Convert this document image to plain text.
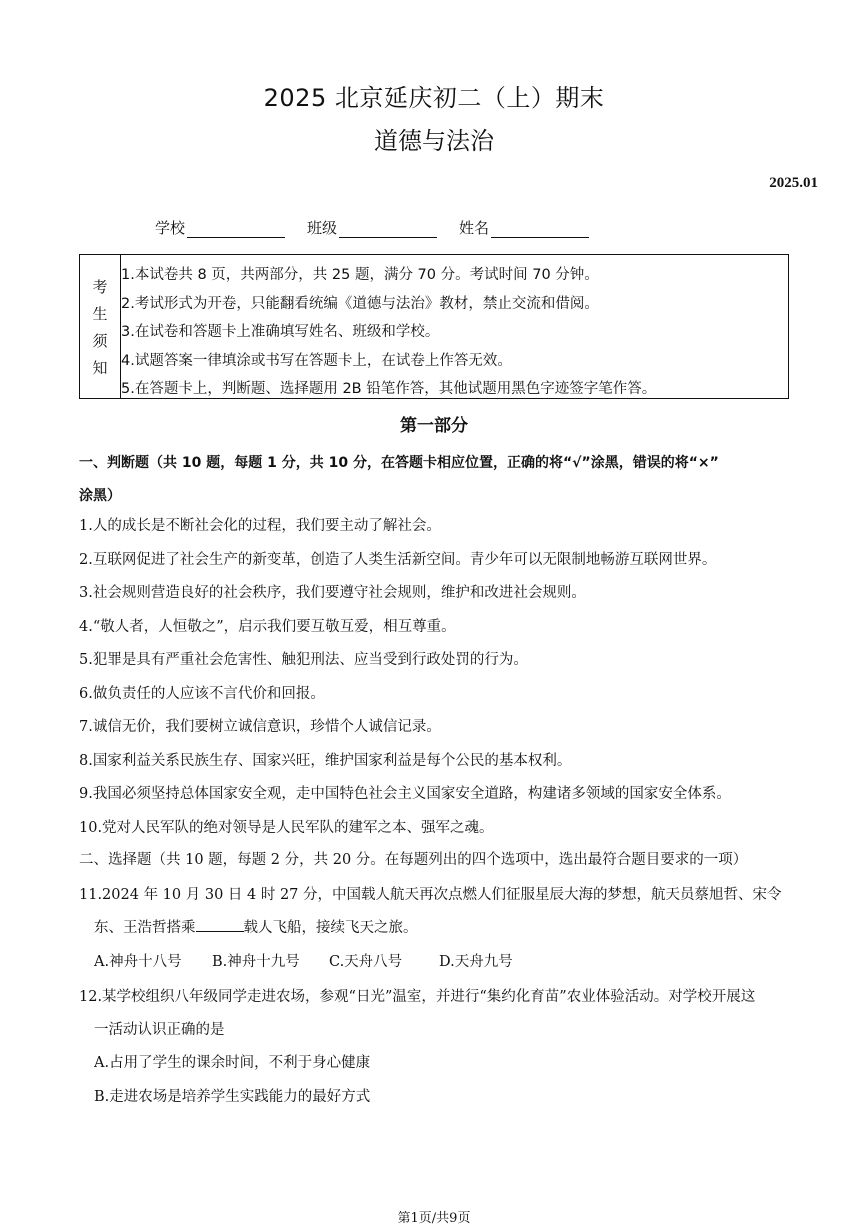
2025 北京延庆初二（上）期末
道德与法治
2025.01
学校	班级	姓名
考
生
须
知
1.本试卷共 8 页，共两部分，共 25 题，满分 70 分。考试时间 70 分钟。
2.考试形式为开卷，只能翻看统编《道德与法治》教材，禁止交流和借阅。
3.在试卷和答题卡上准确填写姓名、班级和学校。
4.试题答案一律填涂或书写在答题卡上，在试卷上作答无效。
5.在答题卡上，判断题、选择题用 2B 铅笔作答，其他试题用黑色字迹签字笔作答。
第一部分
一、判断题（共 10 题，每题 1 分，共 10 分，在答题卡相应位置，正确的将“√”涂黑，错误的将“×”
涂黑）
1.人的成长是不断社会化的过程，我们要主动了解社会。
2.互联网促进了社会生产的新变革，创造了人类生活新空间。青少年可以无限制地畅游互联网世界。
3.社会规则营造良好的社会秩序，我们要遵守社会规则，维护和改进社会规则。
4.“敬人者，人恒敬之”，启示我们要互敬互爱，相互尊重。
5.犯罪是具有严重社会危害性、触犯刑法、应当受到行政处罚的行为。
6.做负责任的人应该不言代价和回报。
7.诚信无价，我们要树立诚信意识，珍惜个人诚信记录。
8.国家利益关系民族生存、国家兴旺，维护国家利益是每个公民的基本权利。
9.我国必须坚持总体国家安全观，走中国特色社会主义国家安全道路，构建诸多领域的国家安全体系。
10.党对人民军队的绝对领导是人民军队的建军之本、强军之魂。
二、选择题（共 10 题，每题 2 分，共 20 分。在每题列出的四个选项中，选出最符合题目要求的一项）
11.2024 年 10 月 30 日 4 时 27 分，中国载人航天再次点燃人们征服星辰大海的梦想，航天员蔡旭哲、宋令
东、王浩哲搭乘	载人飞船，接续飞天之旅。
A.神舟十八号 B.神舟十九号 C.天舟八号	D.天舟九号
12.某学校组织八年级同学走进农场，参观“日光”温室，并进行“集约化育苗”农业体验活动。对学校开展这
一活动认识正确的是
A.占用了学生的课余时间，不利于身心健康
B.走进农场是培养学生实践能力的最好方式
第1页/共9页
